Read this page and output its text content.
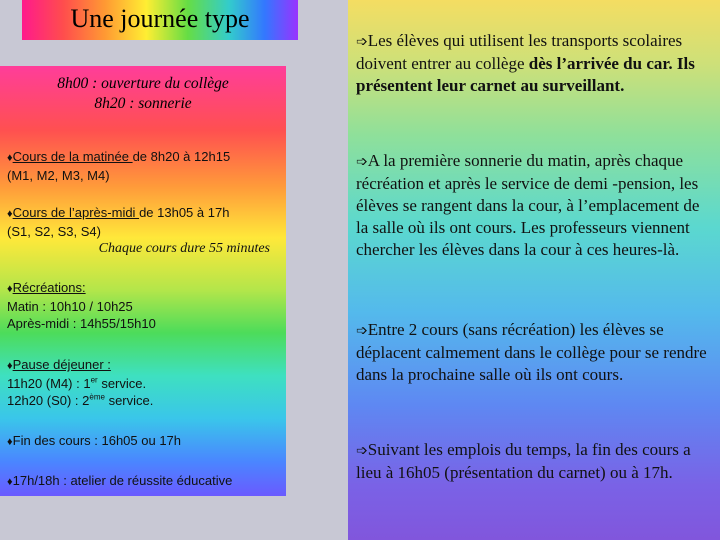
Une journée type
8h00 : ouverture du collège
8h20 : sonnerie
♦Cours de la matinée de 8h20 à 12h15
(M1, M2, M3, M4)
♦Cours de l’après-midi de 13h05 à 17h
(S1, S2, S3, S4)
Chaque cours dure 55 minutes
♦Récréations:
Matin : 10h10 / 10h25
Après-midi : 14h55/15h10
♦Pause déjeuner :
11h20 (M4) : 1er service.
12h20 (S0) : 2ème service.
♦Fin des cours : 16h05 ou 17h
♦17h/18h : atelier de réussite éducative
➩Les élèves qui utilisent les transports scolaires doivent entrer au collège dès l’arrivée du car. Ils présentent leur carnet au surveillant.
➩A la première sonnerie du matin, après chaque récréation et après le service de demi -pension, les élèves se rangent dans la cour, à l’emplacement de la salle où ils ont cours. Les professeurs viennent chercher les élèves dans la cour à ces heures-là.
➩Entre 2 cours (sans récréation) les élèves se déplacent calmement dans le collège pour se rendre dans la prochaine salle où ils ont cours.
➩Suivant les emplois du temps, la fin des cours a lieu à 16h05 (présentation du carnet) ou à 17h.
